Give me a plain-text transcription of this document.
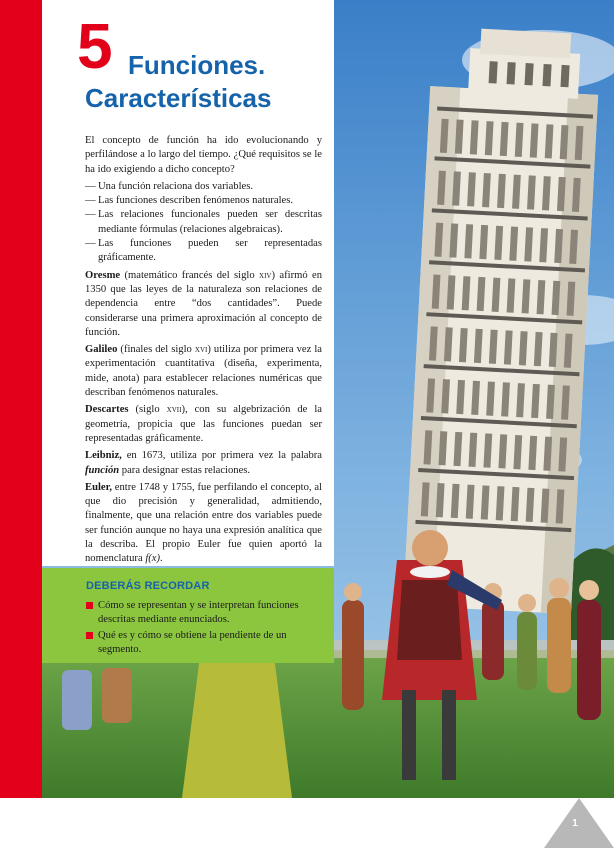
5 Funciones.
Características

El concepto de función ha ido evolucionando y perfilándose a lo largo del tiempo. ¿Qué requisitos se le ha ido exigiendo a dicho concepto?

— Una función relaciona dos variables.
— Las funciones describen fenómenos naturales.
— Las relaciones funcionales pueden ser descritas mediante fórmulas (relaciones algebraicas).
— Las funciones pueden ser representadas gráficamente.

Oresme (matemático francés del siglo xiv) afirmó en 1350 que las leyes de la naturaleza son relaciones de dependencia entre “dos cantidades”. Puede considerarse una primera aproximación al concepto de función.

Galileo (finales del siglo xvi) utiliza por primera vez la experimentación cuantitativa (diseña, experimenta, mide, anota) para establecer relaciones numéricas que describan fenómenos naturales.

Descartes (siglo xvii), con su algebrización de la geometría, propicia que las funciones puedan ser representadas gráficamente.

Leibniz, en 1673, utiliza por primera vez la palabra función para designar estas relaciones.

Euler, entre 1748 y 1755, fue perfilando el concepto, al que dio precisión y generalidad, admitiendo, finalmente, que una relación entre dos variables puede ser función aunque no haya una expresión analítica que la describa. El propio Euler fue quien aportó la nomenclatura f(x).

DEBERÁS RECORDAR
Cómo se representan y se interpretan funciones descritas mediante enunciados.
Qué es y cómo se obtiene la pendiente de un segmento.
1
